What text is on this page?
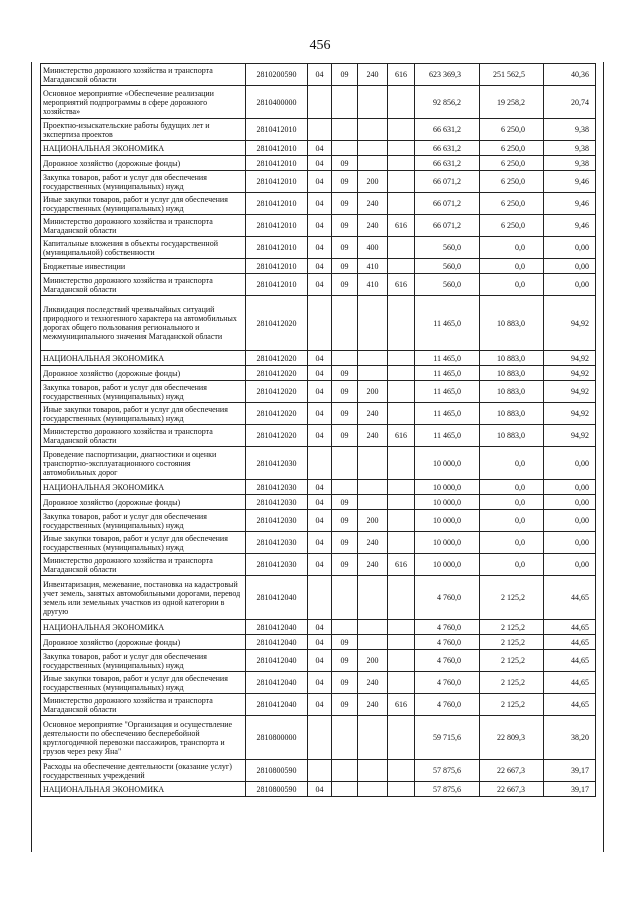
456
Министерство дорожного хозяйства и транспорта Магаданской области	2810200590	04	09	240	616	623 369,3	251 562,5	40,36
Основное мероприятие «Обеспечение реализации мероприятий подпрограммы в сфере дорожного хозяйства»	2810400000					92 856,2	19 258,2	20,74
Проектно-изыскательские работы будущих лет и экспертиза проектов	2810412010					66 631,2	6 250,0	9,38
НАЦИОНАЛЬНАЯ ЭКОНОМИКА	2810412010	04				66 631,2	6 250,0	9,38
Дорожное хозяйство (дорожные фонды)	2810412010	04	09			66 631,2	6 250,0	9,38
Закупка товаров, работ и услуг для обеспечения государственных (муниципальных) нужд	2810412010	04	09	200		66 071,2	6 250,0	9,46
Иные закупки товаров, работ и услуг для обеспечения государственных (муниципальных) нужд	2810412010	04	09	240		66 071,2	6 250,0	9,46
Министерство дорожного хозяйства и транспорта Магаданской области	2810412010	04	09	240	616	66 071,2	6 250,0	9,46
Капитальные вложения в объекты государственной (муниципальной) собственности	2810412010	04	09	400		560,0	0,0	0,00
Бюджетные инвестиции	2810412010	04	09	410		560,0	0,0	0,00
Министерство дорожного хозяйства и транспорта Магаданской области	2810412010	04	09	410	616	560,0	0,0	0,00
Ликвидация последствий чрезвычайных ситуаций природного и техногенного характера на автомобильных дорогах общего пользования регионального и межмуниципального значения Магаданской области	2810412020					11 465,0	10 883,0	94,92
НАЦИОНАЛЬНАЯ ЭКОНОМИКА	2810412020	04				11 465,0	10 883,0	94,92
Дорожное хозяйство (дорожные фонды)	2810412020	04	09			11 465,0	10 883,0	94,92
Закупка товаров, работ и услуг для обеспечения государственных (муниципальных) нужд	2810412020	04	09	200		11 465,0	10 883,0	94,92
Иные закупки товаров, работ и услуг для обеспечения государственных (муниципальных) нужд	2810412020	04	09	240		11 465,0	10 883,0	94,92
Министерство дорожного хозяйства и транспорта Магаданской области	2810412020	04	09	240	616	11 465,0	10 883,0	94,92
Проведение паспортизации, диагностики и оценки транспортно-эксплуатационного состояния автомобильных дорог	2810412030					10 000,0	0,0	0,00
НАЦИОНАЛЬНАЯ ЭКОНОМИКА	2810412030	04				10 000,0	0,0	0,00
Дорожное хозяйство (дорожные фонды)	2810412030	04	09			10 000,0	0,0	0,00
Закупка товаров, работ и услуг для обеспечения государственных (муниципальных) нужд	2810412030	04	09	200		10 000,0	0,0	0,00
Иные закупки товаров, работ и услуг для обеспечения государственных (муниципальных) нужд	2810412030	04	09	240		10 000,0	0,0	0,00
Министерство дорожного хозяйства и транспорта Магаданской области	2810412030	04	09	240	616	10 000,0	0,0	0,00
Инвентаризация, межевание, постановка на кадастровый учет земель, занятых автомобильными дорогами, перевод земель или земельных участков из одной категории в другую	2810412040					4 760,0	2 125,2	44,65
НАЦИОНАЛЬНАЯ ЭКОНОМИКА	2810412040	04				4 760,0	2 125,2	44,65
Дорожное хозяйство (дорожные фонды)	2810412040	04	09			4 760,0	2 125,2	44,65
Закупка товаров, работ и услуг для обеспечения государственных (муниципальных) нужд	2810412040	04	09	200		4 760,0	2 125,2	44,65
Иные закупки товаров, работ и услуг для обеспечения государственных (муниципальных) нужд	2810412040	04	09	240		4 760,0	2 125,2	44,65
Министерство дорожного хозяйства и транспорта Магаданской области	2810412040	04	09	240	616	4 760,0	2 125,2	44,65
Основное мероприятие "Организация и осуществление деятельности по обеспечению бесперебойной круглогодичной перевозки пассажиров, транспорта и грузов через реку Яна"	2810800000					59 715,6	22 809,3	38,20
Расходы на обеспечение деятельности (оказание услуг) государственных учреждений	2810800590					57 875,6	22 667,3	39,17
НАЦИОНАЛЬНАЯ ЭКОНОМИКА	2810800590	04				57 875,6	22 667,3	39,17
